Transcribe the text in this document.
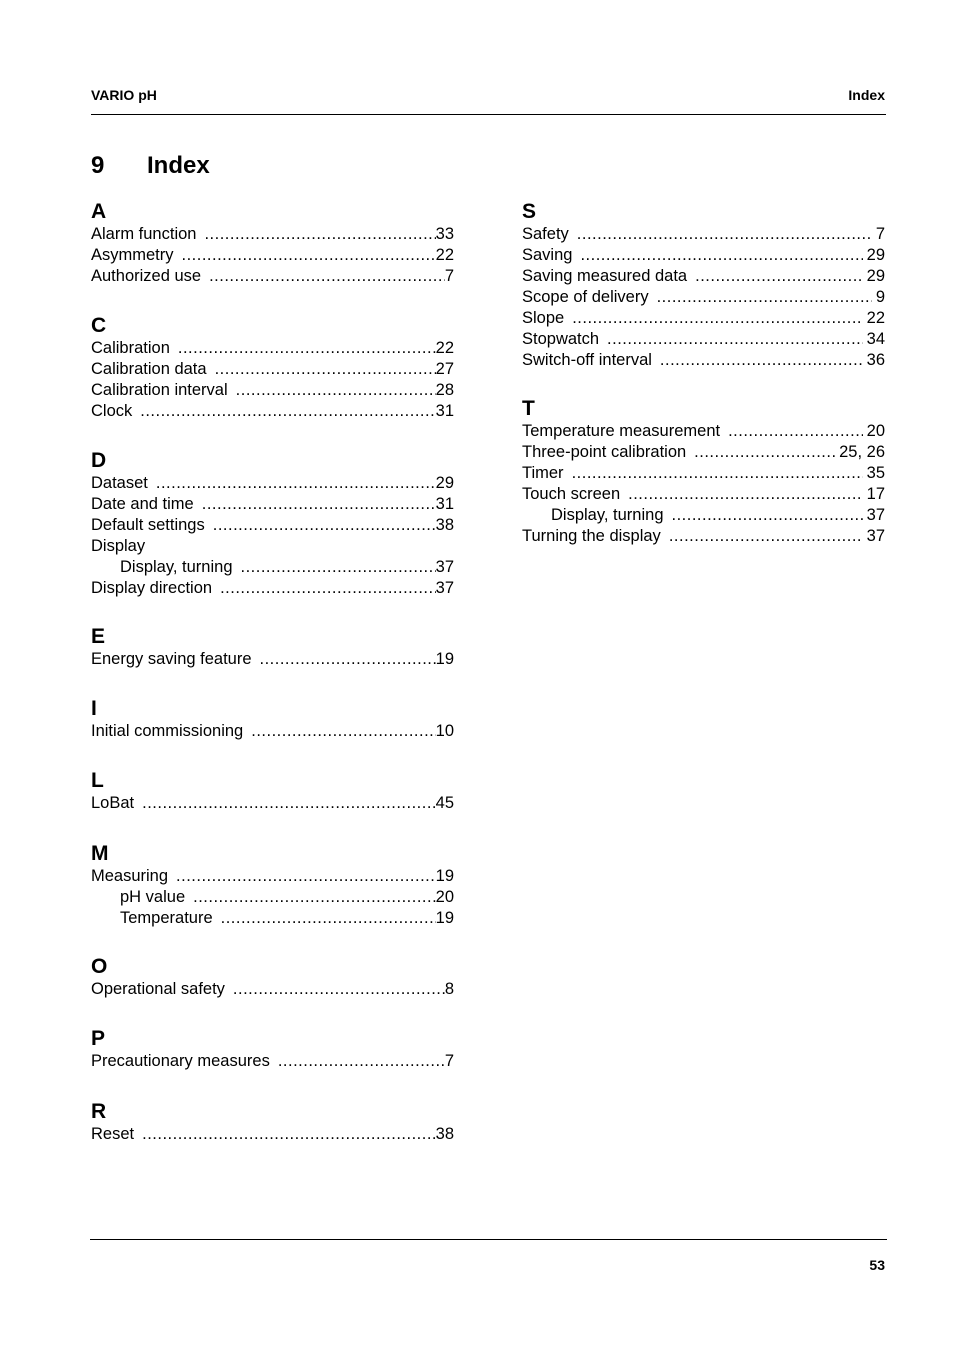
VARIO pH	Index
9 Index
A
Alarm function .....	33
Asymmetry .....	22
Authorized use .....	7
C
Calibration .....	22
Calibration data .....	27
Calibration interval .....	28
Clock .....	31
D
Dataset .....	29
Date and time .....	31
Default settings .....	38
Display
Display, turning .....	37
Display direction .....	37
E
Energy saving feature .....	19
I
Initial commissioning .....	10
L
LoBat .....	45
M
Measuring .....	19
pH value .....	20
Temperature .....	19
O
Operational safety .....	8
P
Precautionary measures .....	7
R
Reset .....	38
S
Safety .....	7
Saving .....	29
Saving measured data .....	29
Scope of delivery .....	9
Slope .....	22
Stopwatch .....	34
Switch-off interval .....	36
T
Temperature measurement .....	20
Three-point calibration .....	25, 26
Timer .....	35
Touch screen .....	17
Display, turning .....	37
Turning the display .....	37
53
